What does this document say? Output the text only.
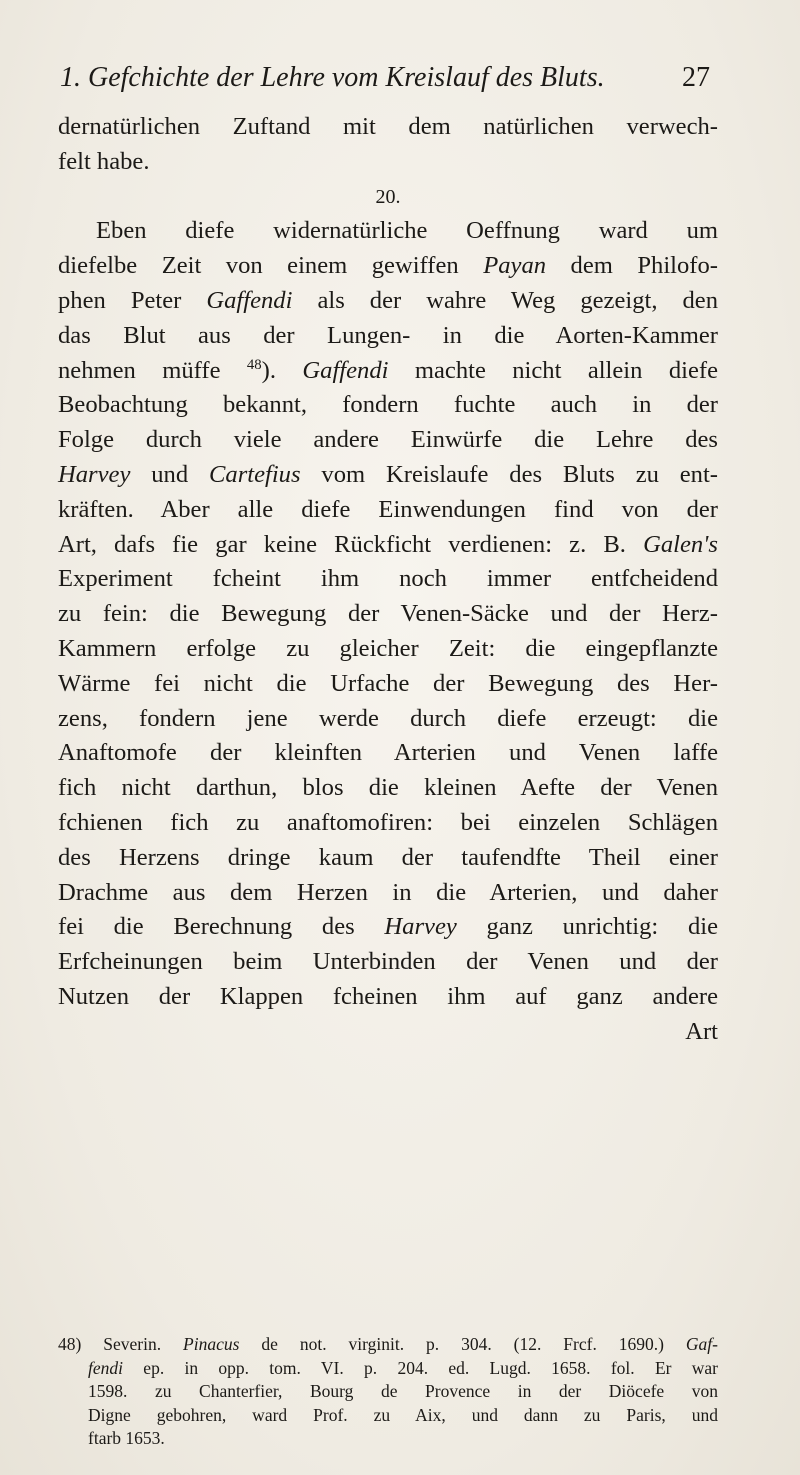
1. Gefchichte der Lehre vom Kreislauf des Bluts.	27
dernatürlichen Zuftand mit dem natürlichen verwech-
felt habe.
20.
Eben diefe widernatürliche Oeffnung ward um
diefelbe Zeit von einem gewiffen Payan dem Philofo-
phen Peter Gaffendi als der wahre Weg gezeigt, den
das Blut aus der Lungen- in die Aorten-Kammer
nehmen müffe $^{48}$). Gaffendi machte nicht allein diefe
Beobachtung bekannt, fondern fuchte auch in der
Folge durch viele andere Einwürfe die Lehre des
Harvey und Cartefius vom Kreislaufe des Bluts zu ent-
kräften. Aber alle diefe Einwendungen find von der
Art, dafs fie gar keine Rückficht verdienen: z. B. Galen's
Experiment fcheint ihm noch immer entfcheidend
zu fein: die Bewegung der Venen-Säcke und der Herz-
Kammern erfolge zu gleicher Zeit: die eingepflanzte
Wärme fei nicht die Urfache der Bewegung des Her-
zens, fondern jene werde durch diefe erzeugt: die
Anaftomofe der kleinften Arterien und Venen laffe
fich nicht darthun, blos die kleinen Aefte der Venen
fchienen fich zu anaftomofiren: bei einzelen Schlägen
des Herzens dringe kaum der taufendfte Theil einer
Drachme aus dem Herzen in die Arterien, und daher
fei die Berechnung des Harvey ganz unrichtig: die
Erfcheinungen beim Unterbinden der Venen und der
Nutzen der Klappen fcheinen ihm auf ganz andere
Art
48) Severin. Pinacus de not. virginit. p. 304. (12. Frcf. 1690.) Gaf-
fendi ep. in opp. tom. VI. p. 204. ed. Lugd. 1658. fol. Er war
1598. zu Chanterfier, Bourg de Provence in der Diöcefe von
Digne gebohren, ward Prof. zu Aix, und dann zu Paris, und
ftarb 1653.
